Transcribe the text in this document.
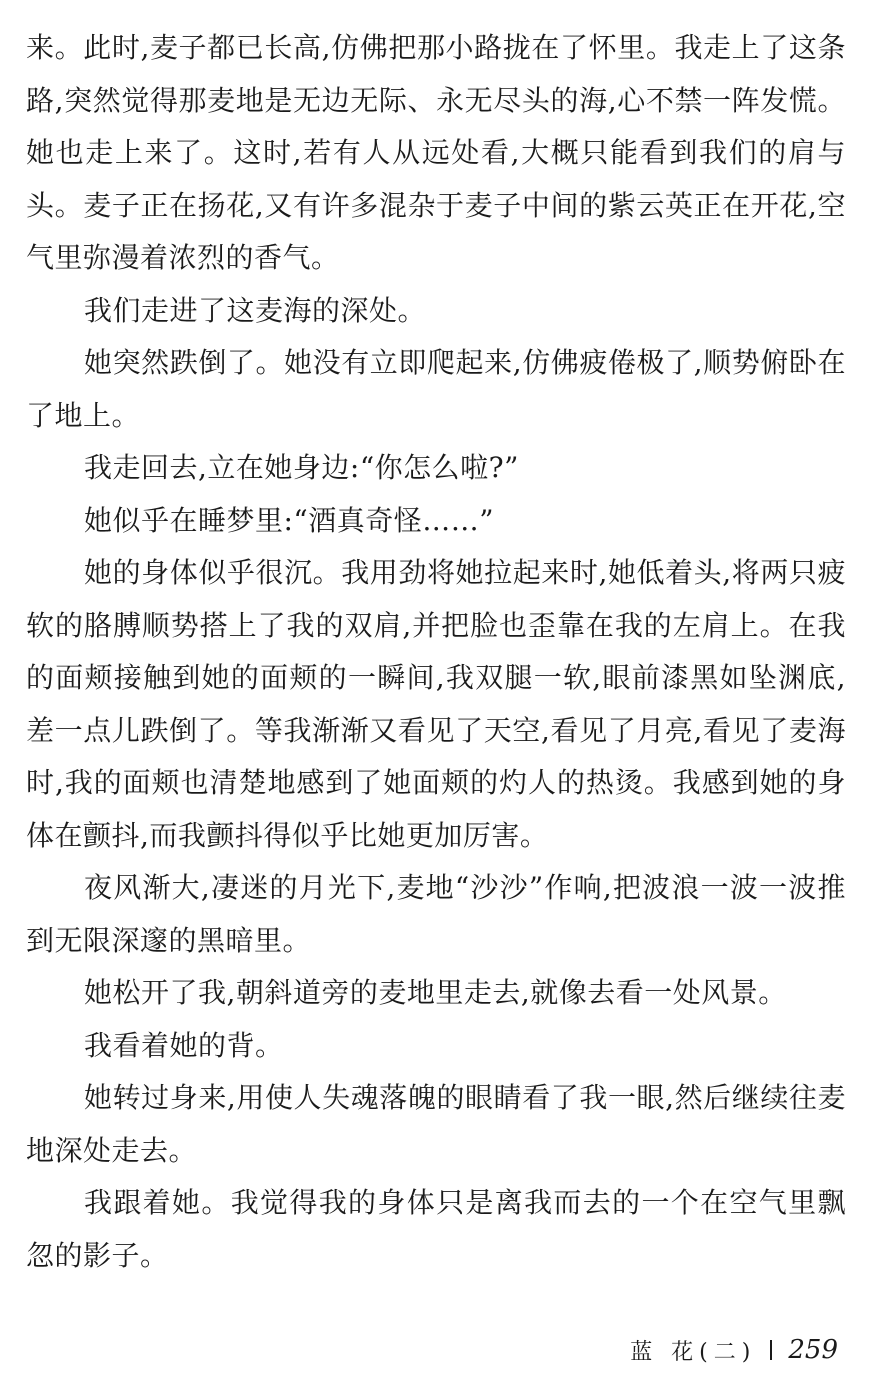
来。此时,麦子都已长高,仿佛把那小路拢在了怀里。我走上了这条路,突然觉得那麦地是无边无际、永无尽头的海,心不禁一阵发慌。她也走上来了。这时,若有人从远处看,大概只能看到我们的肩与头。麦子正在扬花,又有许多混杂于麦子中间的紫云英正在开花,空气里弥漫着浓烈的香气。

我们走进了这麦海的深处。

她突然跌倒了。她没有立即爬起来,仿佛疲倦极了,顺势俯卧在了地上。

我走回去,立在她身边:“你怎么啦?”

她似乎在睡梦里:“酒真奇怪……”

她的身体似乎很沉。我用劲将她拉起来时,她低着头,将两只疲软的胳膊顺势搭上了我的双肩,并把脸也歪靠在我的左肩上。在我的面颊接触到她的面颊的一瞬间,我双腿一软,眼前漆黑如坠渊底,差一点儿跌倒了。等我渐渐又看见了天空,看见了月亮,看见了麦海时,我的面颊也清楚地感到了她面颊的灼人的热烫。我感到她的身体在颤抖,而我颤抖得似乎比她更加厉害。

夜风渐大,凄迷的月光下,麦地“沙沙”作响,把波浪一波一波推到无限深邃的黑暗里。

她松开了我,朝斜道旁的麦地里走去,就像去看一处风景。

我看着她的背。

她转过身来,用使人失魂落魄的眼睛看了我一眼,然后继续往麦地深处走去。

我跟着她。我觉得我的身体只是离我而去的一个在空气里飘忽的影子。

蓝 花(二) 259
